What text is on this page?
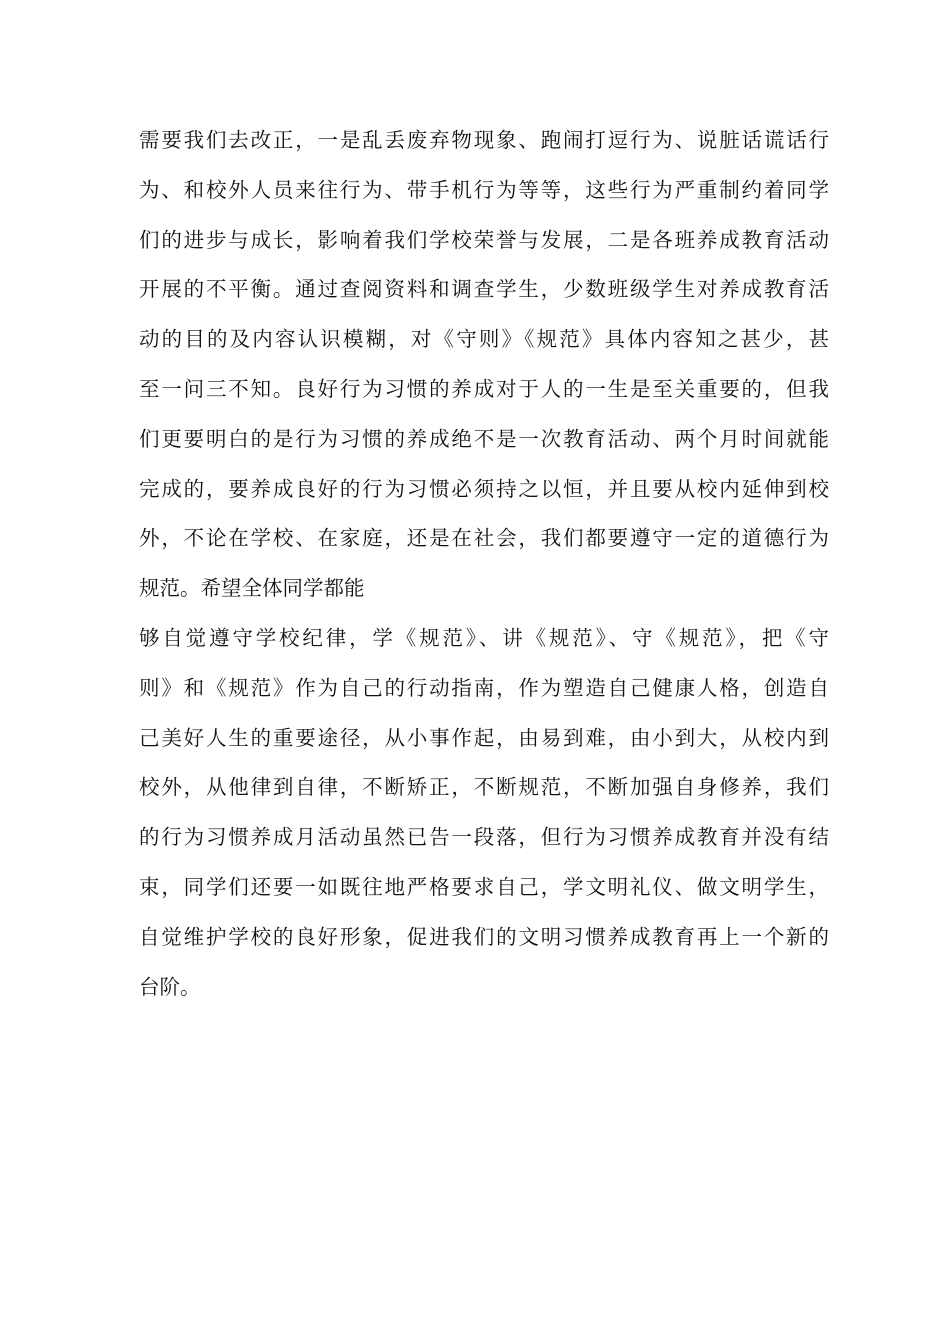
需要我们去改正，一是乱丢废弃物现象、跑闹打逗行为、说脏话谎话行
为、和校外人员来往行为、带手机行为等等，这些行为严重制约着同学
们的进步与成长，影响着我们学校荣誉与发展，二是各班养成教育活动
开展的不平衡。通过查阅资料和调查学生，少数班级学生对养成教育活
动的目的及内容认识模糊，对《守则》《规范》具体内容知之甚少，甚
至一问三不知。良好行为习惯的养成对于人的一生是至关重要的，但我
们更要明白的是行为习惯的养成绝不是一次教育活动、两个月时间就能
完成的，要养成良好的行为习惯必须持之以恒，并且要从校内延伸到校
外，不论在学校、在家庭，还是在社会，我们都要遵守一定的道德行为
规范。希望全体同学都能
够自觉遵守学校纪律，学《规范》、讲《规范》、守《规范》，把《守
则》和《规范》作为自己的行动指南，作为塑造自己健康人格，创造自
己美好人生的重要途径，从小事作起，由易到难，由小到大，从校内到
校外，从他律到自律，不断矫正，不断规范，不断加强自身修养，我们
的行为习惯养成月活动虽然已告一段落，但行为习惯养成教育并没有结
束，同学们还要一如既往地严格要求自己，学文明礼仪、做文明学生，
自觉维护学校的良好形象，促进我们的文明习惯养成教育再上一个新的
台阶。
